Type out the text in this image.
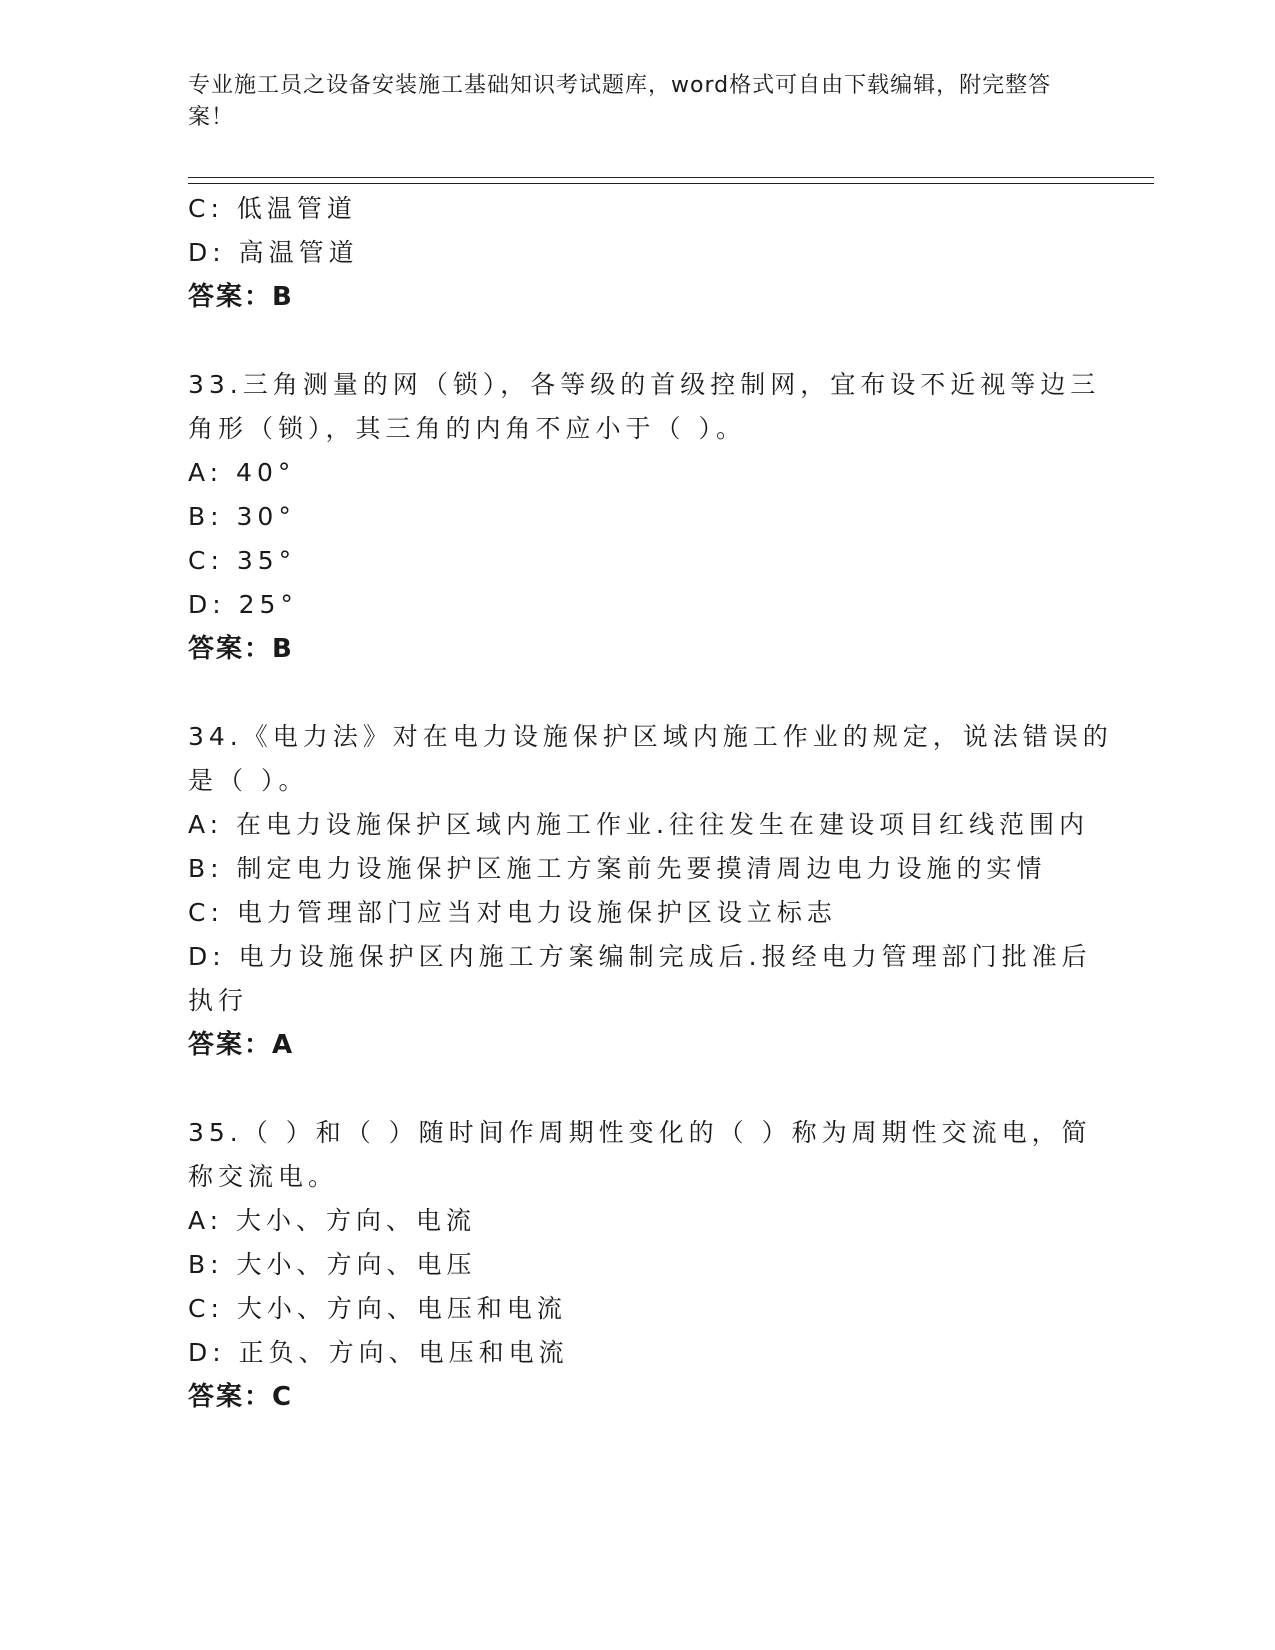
专业施工员之设备安装施工基础知识考试题库，word格式可自由下载编辑，附完整答案！
C: 低温管道
D: 高温管道
答案：B
33.三角测量的网（锁），各等级的首级控制网，宜布设不近视等边三
角形（锁），其三角的内角不应小于（ ）。
A: 40°
B: 30°
C: 35°
D: 25°
答案：B
34.《电力法》对在电力设施保护区域内施工作业的规定，说法错误的
是（ ）。
A: 在电力设施保护区域内施工作业.往往发生在建设项目红线范围内
B: 制定电力设施保护区施工方案前先要摸清周边电力设施的实情
C: 电力管理部门应当对电力设施保护区设立标志
D: 电力设施保护区内施工方案编制完成后.报经电力管理部门批准后
执行
答案：A
35.（ ）和（ ）随时间作周期性变化的（ ）称为周期性交流电，简
称交流电。
A: 大小、方向、电流
B: 大小、方向、电压
C: 大小、方向、电压和电流
D: 正负、方向、电压和电流
答案：C
